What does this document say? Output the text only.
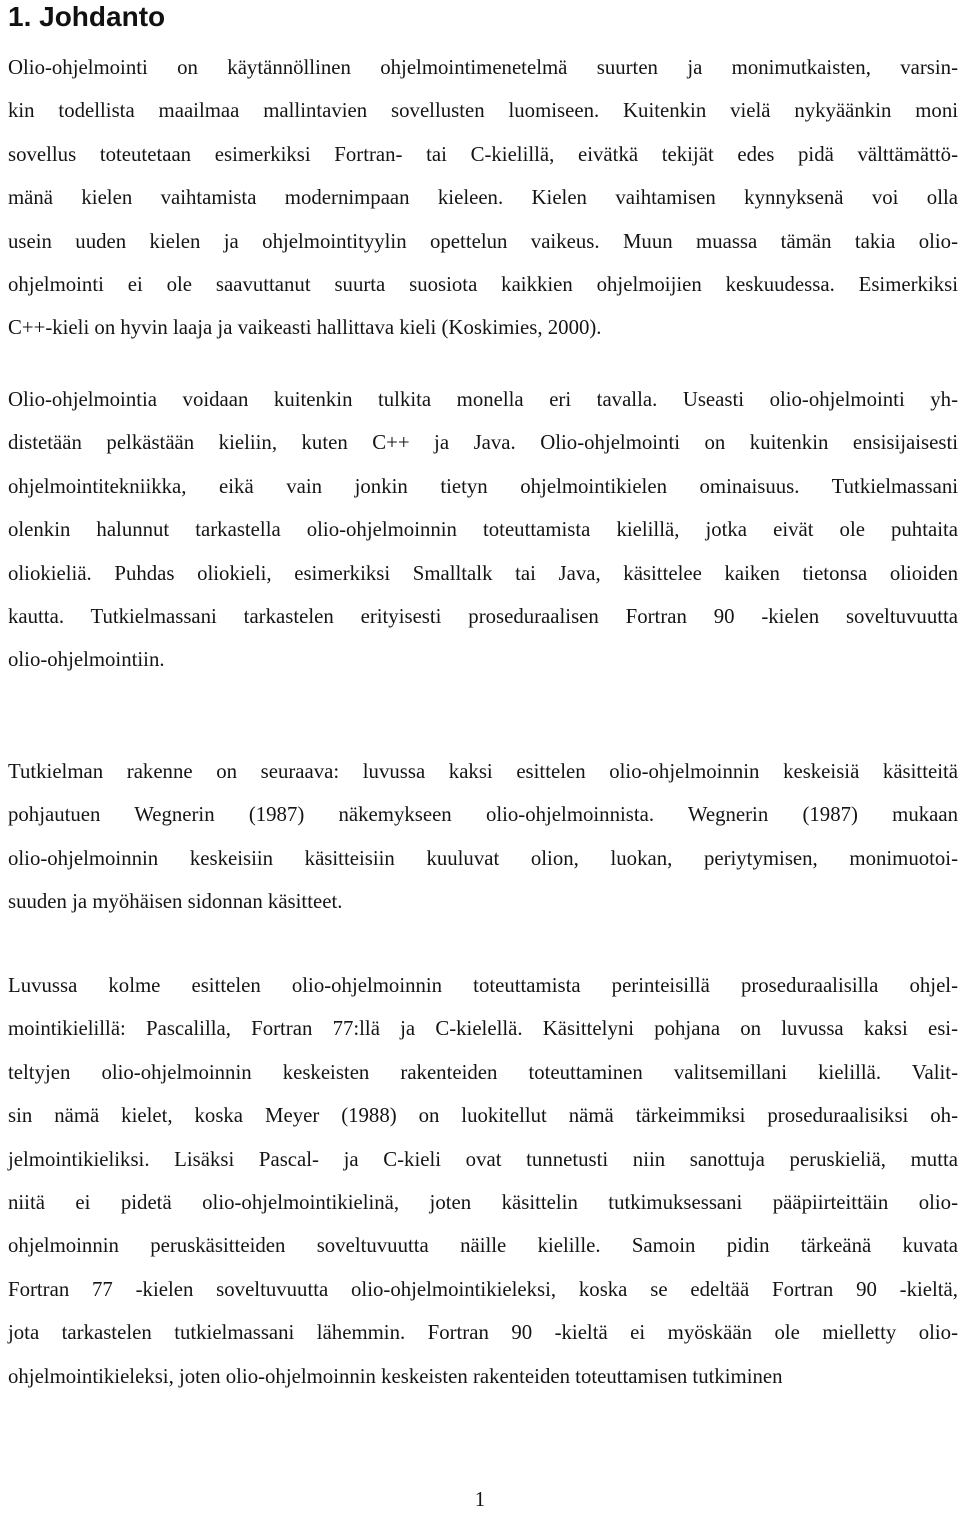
1. Johdanto
Olio-ohjelmointi on käytännöllinen ohjelmointimenetelmä suurten ja monimutkaisten, varsin-
kin todellista maailmaa mallintavien sovellusten luomiseen. Kuitenkin vielä nykyäänkin moni
sovellus toteutetaan esimerkiksi Fortran- tai C-kielillä, eivätkä tekijät edes pidä välttämättö-
mänä kielen vaihtamista modernimpaan kieleen. Kielen vaihtamisen kynnyksenä voi olla
usein uuden kielen ja ohjelmointityylin opettelun vaikeus. Muun muassa tämän takia olio-
ohjelmointi ei ole saavuttanut suurta suosiota kaikkien ohjelmoijien keskuudessa. Esimerkiksi
C++-kieli on hyvin laaja ja vaikeasti hallittava kieli (Koskimies, 2000).
Olio-ohjelmointia voidaan kuitenkin tulkita monella eri tavalla. Useasti olio-ohjelmointi yh-
distetään pelkästään kieliin, kuten C++ ja Java. Olio-ohjelmointi on kuitenkin ensisijaisesti
ohjelmointitekniikka, eikä vain jonkin tietyn ohjelmointikielen ominaisuus. Tutkielmassani
olenkin halunnut tarkastella olio-ohjelmoinnin toteuttamista kielillä, jotka eivät ole puhtaita
oliokieliä. Puhdas oliokieli, esimerkiksi Smalltalk tai Java, käsittelee kaiken tietonsa olioiden
kautta. Tutkielmassani tarkastelen erityisesti proseduraalisen Fortran 90 -kielen soveltuvuutta
olio-ohjelmointiin.
Tutkielman rakenne on seuraava: luvussa kaksi esittelen olio-ohjelmoinnin keskeisiä käsitteitä
pohjautuen Wegnerin (1987) näkemykseen olio-ohjelmoinnista. Wegnerin (1987) mukaan
olio-ohjelmoinnin keskeisiin käsitteisiin kuuluvat olion, luokan, periytymisen, monimuotoi-
suuden ja myöhäisen sidonnan käsitteet.
Luvussa kolme esittelen olio-ohjelmoinnin toteuttamista perinteisillä proseduraalisilla ohjel-
mointikielillä: Pascalilla, Fortran 77:llä ja C-kielellä. Käsittelyni pohjana on luvussa kaksi esi-
teltyjen olio-ohjelmoinnin keskeisten rakenteiden toteuttaminen valitsemillani kielillä. Valit-
sin nämä kielet, koska Meyer (1988) on luokitellut nämä tärkeimmiksi proseduraalisiksi oh-
jelmointikieliksi. Lisäksi Pascal- ja C-kieli ovat tunnetusti niin sanottuja peruskieliä, mutta
niitä ei pidetä olio-ohjelmointikielinä, joten käsittelin tutkimuksessani pääpiirteittäin olio-
ohjelmoinnin peruskäsitteiden soveltuvuutta näille kielille. Samoin pidin tärkeänä kuvata
Fortran 77 -kielen soveltuvuutta olio-ohjelmointikieleksi, koska se edeltää Fortran 90 -kieltä,
jota tarkastelen tutkielmassani lähemmin. Fortran 90 -kieltä ei myöskään ole mielletty olio-
ohjelmointikieleksi, joten olio-ohjelmoinnin keskeisten rakenteiden toteuttamisen tutkiminen
1
